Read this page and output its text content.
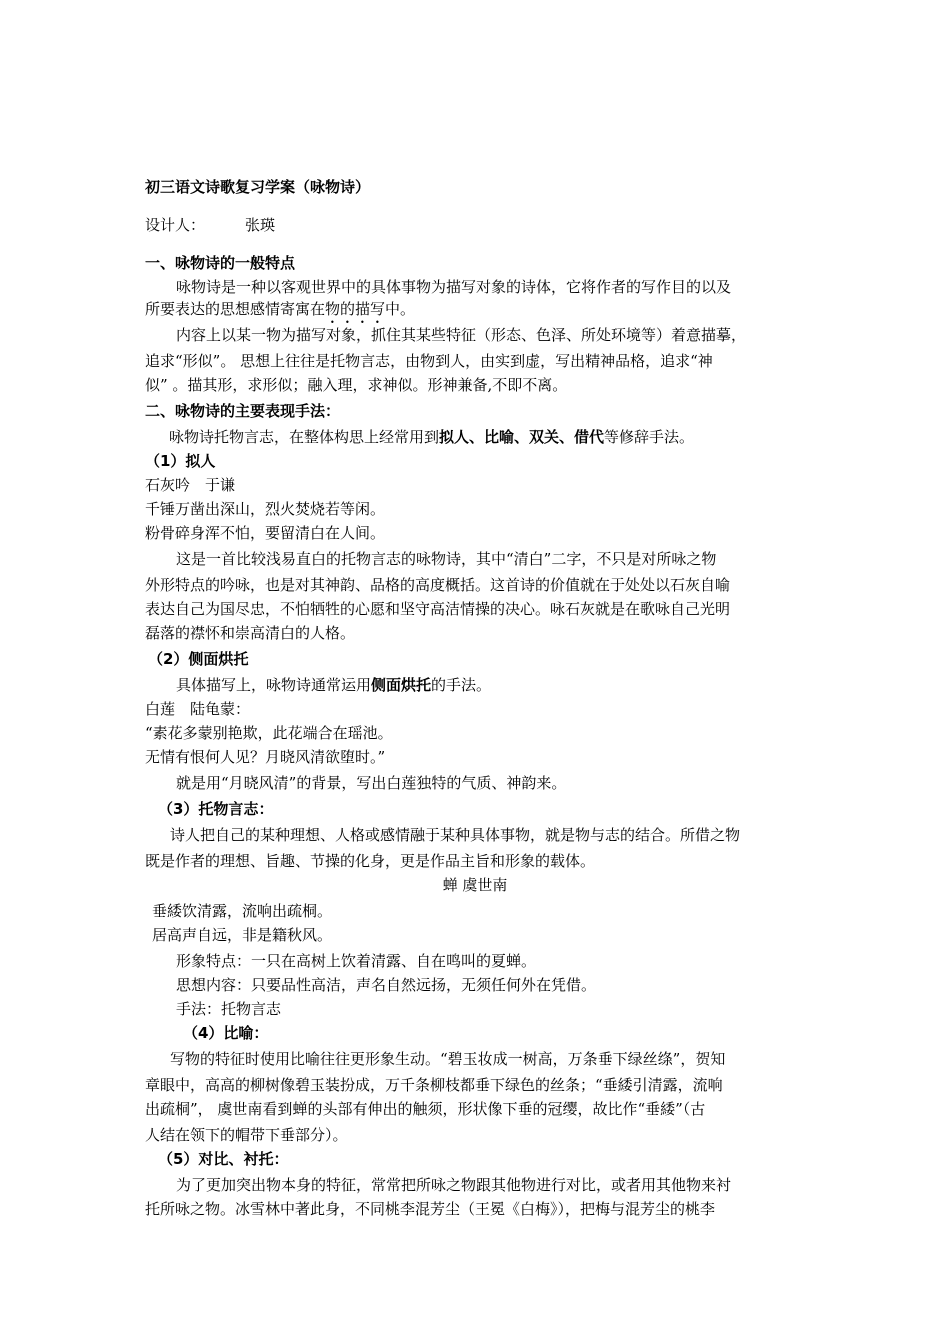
初三语文诗歌复习学案（咏物诗）
设计人：	张瑛
一、咏物诗的一般特点
咏物诗是一种以客观世界中的具体事物为描写对象的诗体，它将作者的写作目的以及
所要表达的思想感情寄寓在物的描写中。
内容上以某一物为描写对象，抓住其某些特征（形态、色泽、所处环境等）着意描摹，
追求“形似”。 思想上往往是托物言志，由物到人，由实到虚，写出精神品格，追求“神
似” 。描其形，求形似；融入理，求神似。形神兼备,不即不离。
二、咏物诗的主要表现手法：
咏物诗托物言志，在整体构思上经常用到拟人、比喻、双关、借代等修辞手法。
（1）拟人
石灰吟　于谦
千锤万凿出深山，烈火焚烧若等闲。
粉骨碎身浑不怕，要留清白在人间。
这是一首比较浅易直白的托物言志的咏物诗，其中“清白”二字，不只是对所咏之物
外形特点的吟咏，也是对其神韵、品格的高度概括。这首诗的价值就在于处处以石灰自喻
表达自己为国尽忠，不怕牺牲的心愿和坚守高洁情操的决心。咏石灰就是在歌咏自己光明
磊落的襟怀和崇高清白的人格。
（2）侧面烘托
具体描写上，咏物诗通常运用侧面烘托的手法。
白莲　陆龟蒙：
“素花多蒙别艳欺，此花端合在瑶池。
无情有恨何人见？月晓风清欲堕时。”
就是用“月晓风清”的背景，写出白莲独特的气质、神韵来。
（3）托物言志：
诗人把自己的某种理想、人格或感情融于某种具体事物，就是物与志的结合。所借之物
既是作者的理想、旨趣、节操的化身，更是作品主旨和形象的载体。
蝉 虞世南
垂緌饮清露，流响出疏桐。
居高声自远，非是籍秋风。
形象特点：一只在高树上饮着清露、自在鸣叫的夏蝉。
思想内容：只要品性高洁，声名自然远扬，无须任何外在凭借。
手法：托物言志
（4）比喻：
写物的特征时使用比喻往往更形象生动。“碧玉妆成一树高，万条垂下绿丝绦”，贺知
章眼中，高高的柳树像碧玉装扮成，万千条柳枝都垂下绿色的丝条；“垂緌引清露，流响
出疏桐”， 虞世南看到蝉的头部有伸出的触须，形状像下垂的冠缨，故比作“垂緌”（古
人结在领下的帽带下垂部分）。
（5）对比、衬托：
为了更加突出物本身的特征，常常把所咏之物跟其他物进行对比，或者用其他物来衬
托所咏之物。冰雪林中著此身，不同桃李混芳尘（王冕《白梅》），把梅与混芳尘的桃李
